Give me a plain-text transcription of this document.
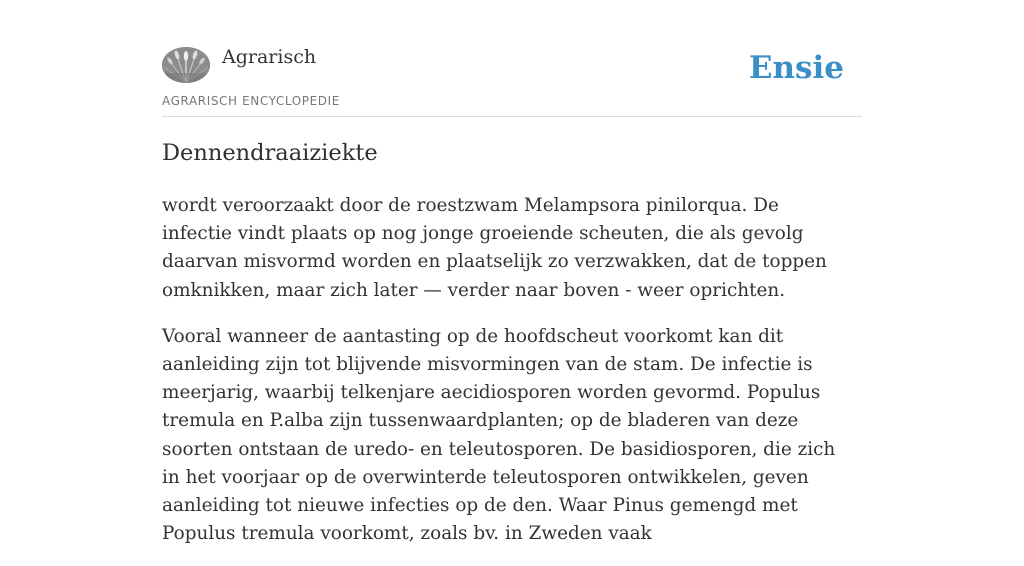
Agrarisch
AGRARISCH ENCYCLOPEDIE
Ensie
Dennendraaiziekte

wordt veroorzaakt door de roestzwam Melampsora pinilorqua. De infectie vindt plaats op nog jonge groeiende scheuten, die als gevolg daarvan misvormd worden en plaatselijk zo verzwakken, dat de toppen omknikken, maar zich later — verder naar boven - weer oprichten.

Vooral wanneer de aantasting op de hoofdscheut voorkomt kan dit aanleiding zijn tot blijvende misvormingen van de stam. De infectie is meerjarig, waarbij telkenjare aecidiosporen worden gevormd. Populus tremula en P.alba zijn tussenwaardplanten; op de bladeren van deze soorten ontstaan de uredo- en teleutosporen. De basidiosporen, die zich in het voorjaar op de overwinterde teleutosporen ontwikkelen, geven aanleiding tot nieuwe infecties op de den. Waar Pinus gemengd met Populus tremula voorkomt, zoals bv. in Zweden vaak
